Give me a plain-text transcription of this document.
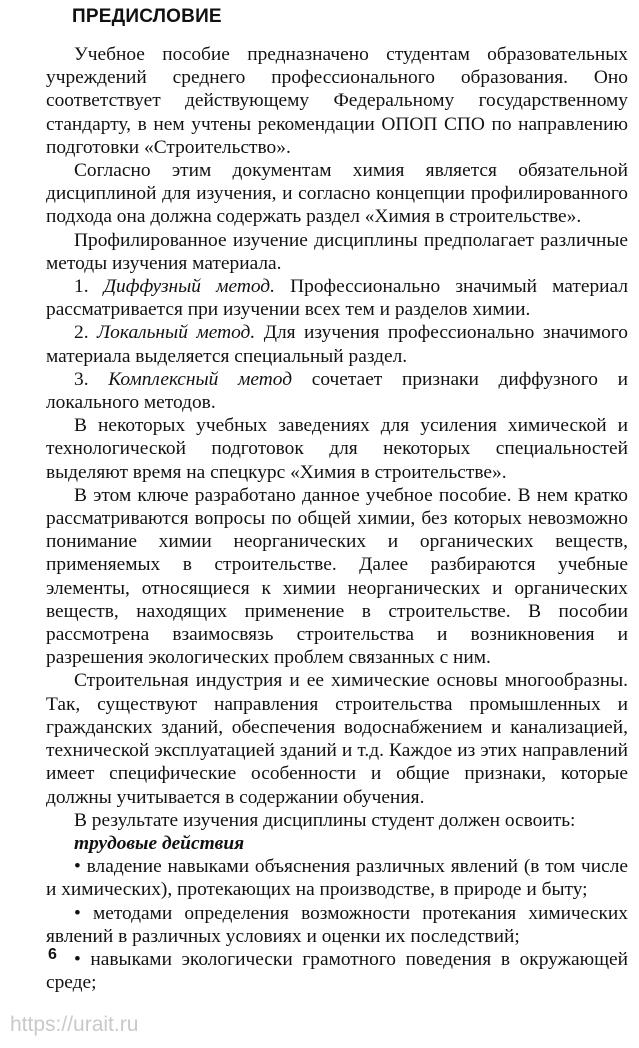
ПРЕДИСЛОВИЕ

Учебное пособие предназначено студентам образовательных учреждений среднего профессионального образования. Оно соответствует действующему Федеральному государственному стандарту, в нем учтены рекомендации ОПОП СПО по направлению подготовки «Строительство».

Согласно этим документам химия является обязательной дисциплиной для изучения, и согласно концепции профилированного подхода она должна содержать раздел «Химия в строительстве».

Профилированное изучение дисциплины предполагает различные методы изучения материала.

1. Диффузный метод. Профессионально значимый материал рассматривается при изучении всех тем и разделов химии.

2. Локальный метод. Для изучения профессионально значимого материала выделяется специальный раздел.

3. Комплексный метод сочетает признаки диффузного и локального методов.

В некоторых учебных заведениях для усиления химической и технологической подготовок для некоторых специальностей выделяют время на спецкурс «Химия в строительстве».

В этом ключе разработано данное учебное пособие. В нем кратко рассматриваются вопросы по общей химии, без которых невозможно понимание химии неорганических и органических веществ, применяемых в строительстве. Далее разбираются учебные элементы, относящиеся к химии неорганических и органических веществ, находящих применение в строительстве. В пособии рассмотрена взаимосвязь строительства и возникновения и разрешения экологических проблем связанных с ним.

Строительная индустрия и ее химические основы многообразны. Так, существуют направления строительства промышленных и гражданских зданий, обеспечения водоснабжением и канализацией, технической эксплуатацией зданий и т.д. Каждое из этих направлений имеет специфические особенности и общие признаки, которые должны учитывается в содержании обучения.

В результате изучения дисциплины студент должен освоить:

трудовые действия

• владение навыками объяснения различных явлений (в том числе и химических), протекающих на производстве, в природе и быту;

• методами определения возможности протекания химических явлений в различных условиях и оценки их последствий;

• навыками экологически грамотного поведения в окружающей среде;

6
https://urait.ru
